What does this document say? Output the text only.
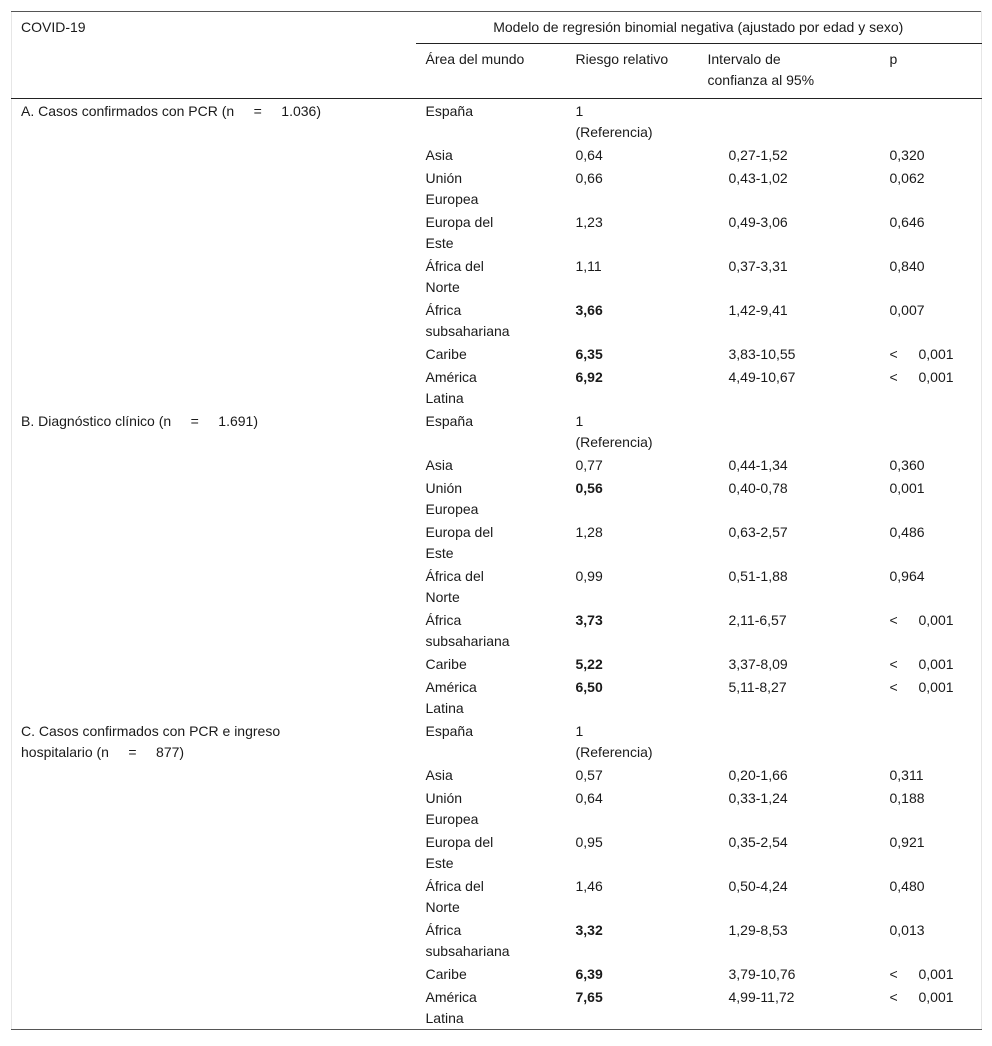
COVID-19	Modelo de regresión binomial negativa (ajustado por edad y sexo)			
	Área del mundo	Riesgo relativo	Intervalo de
confianza al 95%	p
A. Casos confirmados con PCR (n = 1.036)	España	1
(Referencia)		
	Asia	0,64	0,27-1,52	0,320
	Unión
Europea	0,66	0,43-1,02	0,062
	Europa del
Este	1,23	0,49-3,06	0,646
	África del
Norte	1,11	0,37-3,31	0,840
	África
subsahariana	3,66	1,42-9,41	0,007
	Caribe	6,35	3,83-10,55	< 0,001
	América
Latina	6,92	4,49-10,67	< 0,001
B. Diagnóstico clínico (n = 1.691)	España	1
(Referencia)		
	Asia	0,77	0,44-1,34	0,360
	Unión
Europea	0,56	0,40-0,78	0,001
	Europa del
Este	1,28	0,63-2,57	0,486
	África del
Norte	0,99	0,51-1,88	0,964
	África
subsahariana	3,73	2,11-6,57	< 0,001
	Caribe	5,22	3,37-8,09	< 0,001
	América
Latina	6,50	5,11-8,27	< 0,001
C. Casos confirmados con PCR e ingreso
hospitalario (n = 877)	España	1
(Referencia)		
	Asia	0,57	0,20-1,66	0,311
	Unión
Europea	0,64	0,33-1,24	0,188
	Europa del
Este	0,95	0,35-2,54	0,921
	África del
Norte	1,46	0,50-4,24	0,480
	África
subsahariana	3,32	1,29-8,53	0,013
	Caribe	6,39	3,79-10,76	< 0,001
	América
Latina	7,65	4,99-11,72	< 0,001
